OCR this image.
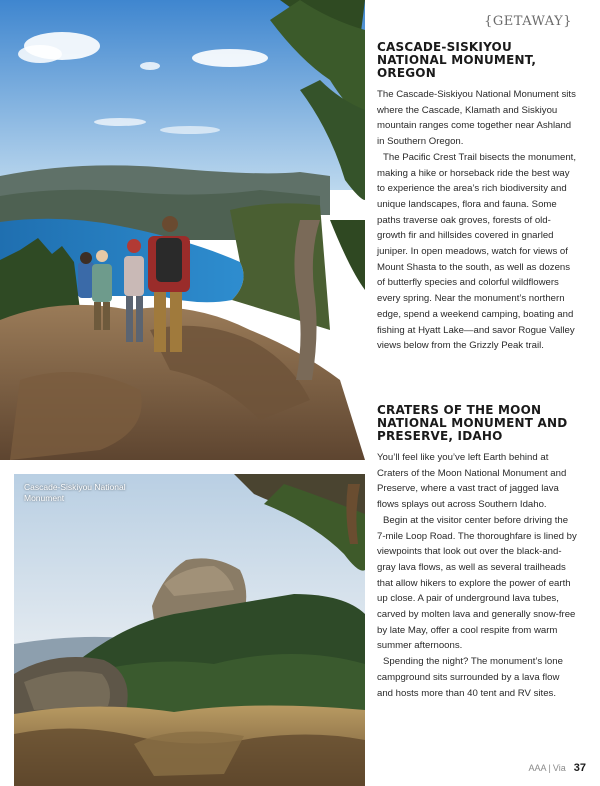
Cascade-Siskiyou National Monument
{GETAWAY}
CASCADE-SISKIYOU NATIONAL MONUMENT, OREGON

The Cascade-Siskiyou National Monument sits where the Cascade, Klamath and Siskiyou mountain ranges come together near Ashland in Southern Oregon.

The Pacific Crest Trail bisects the monument, making a hike or horseback ride the best way to experience the area’s rich biodiversity and unique landscapes, flora and fauna. Some paths traverse oak groves, forests of old-growth fir and hillsides covered in gnarled juniper. In open meadows, watch for views of Mount Shasta to the south, as well as dozens of butterfly species and colorful wildflowers every spring. Near the monument’s northern edge, spend a weekend camping, boating and fishing at Hyatt Lake—and savor Rogue Valley views below from the Grizzly Peak trail.

CRATERS OF THE MOON NATIONAL MONUMENT AND PRESERVE, IDAHO

You’ll feel like you’ve left Earth behind at Craters of the Moon National Monument and Preserve, where a vast tract of jagged lava flows splays out across Southern Idaho.

Begin at the visitor center before driving the 7-mile Loop Road. The thoroughfare is lined by viewpoints that look out over the black-and-gray lava flows, as well as several trailheads that allow hikers to explore the power of earth up close. A pair of underground lava tubes, carved by molten lava and generally snow-free by late May, offer a cool respite from warm summer afternoons.

Spending the night? The monument’s lone campground sits surrounded by a lava flow and hosts more than 40 tent and RV sites.

AAA | Via 37
